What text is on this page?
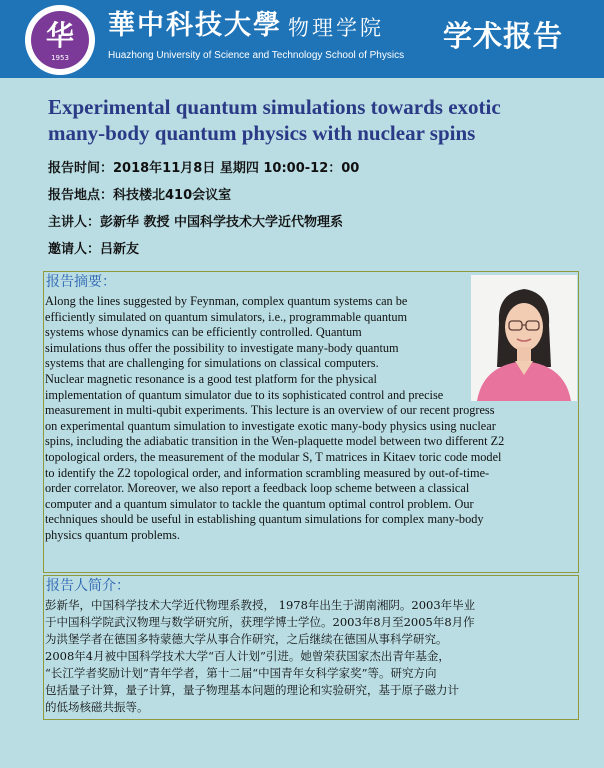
华
1953
華中科技大學 物理学院
Huazhong University of Science and Technology School of Physics
学术报告
Experimental quantum simulations towards exotic
many-body quantum physics with nuclear spins
报告时间：2018年11月8日 星期四 10:00-12：00
报告地点：科技楼北410会议室
主讲人：彭新华 教授 中国科学技术大学近代物理系
邀请人：吕新友
报告摘要：
Along the lines suggested by Feynman, complex quantum systems can be
efficiently simulated on quantum simulators, i.e., programmable quantum
systems whose dynamics can be efficiently controlled. Quantum
simulations thus offer the possibility to investigate many-body quantum
systems that are challenging for simulations on classical computers.
Nuclear magnetic resonance is a good test platform for the physical
implementation of quantum simulator due to its sophisticated control and precise
measurement in multi-qubit experiments. This lecture is an overview of our recent progress
on experimental quantum simulation to investigate exotic many-body physics using nuclear
spins, including the adiabatic transition in the Wen-plaquette model between two different Z2
topological orders, the measurement of the modular S, T matrices in Kitaev toric code model
to identify the Z2 topological order, and information scrambling measured by out-of-time-
order correlator. Moreover, we also report a feedback loop scheme between a classical
computer and a quantum simulator to tackle the quantum optimal control problem. Our
techniques should be useful in establishing quantum simulations for complex many-body
physics quantum problems.
报告人简介：
彭新华，中国科学技术大学近代物理系教授， 1978年出生于湖南湘阴。2003年毕业
于中国科学院武汉物理与数学研究所，获理学博士学位。2003年8月至2005年8月作
为洪堡学者在德国多特蒙德大学从事合作研究，之后继续在德国从事科学研究。
2008年4月被中国科学技术大学“百人计划”引进。她曾荣获国家杰出青年基金，
“长江学者奖励计划”青年学者，第十二届“中国青年女科学家奖”等。研究方向
包括量子计算，量子计算，量子物理基本问题的理论和实验研究，基于原子磁力计
的低场核磁共振等。
